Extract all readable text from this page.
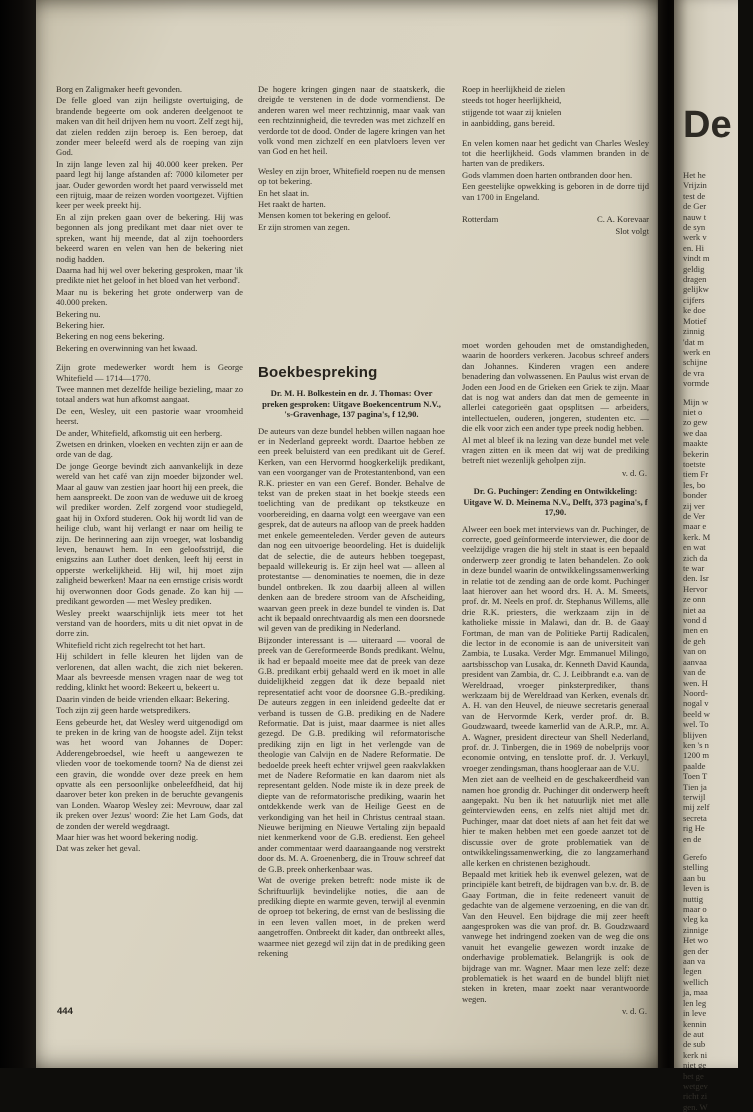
Borg en Zaligmaker heeft gevonden.

De felle gloed van zijn heiligste overtuiging, de brandende begeerte om ook anderen deelgenoot te maken van dit heil drijven hem nu voort. Zelf zegt hij, dat zielen redden zijn beroep is. Een beroep, dat zonder meer beleefd werd als de roeping van zijn God.

In zijn lange leven zal hij 40.000 keer preken. Per paard legt hij lange afstanden af: 7000 kilometer per jaar. Ouder geworden wordt het paard verwisseld met een rijtuig, maar de reizen worden voortgezet. Vijftien keer per week preekt hij.

En al zijn preken gaan over de bekering. Hij was begonnen als jong predikant met daar niet over te spreken, want hij meende, dat al zijn toehoorders bekeerd waren en velen van hen de bekering niet nodig hadden.

Daarna had hij wel over bekering gesproken, maar 'ik predikte niet het geloof in het bloed van het verbond'.

Maar nu is bekering het grote onderwerp van de 40.000 preken.

Bekering nu.

Bekering hier.

Bekering en nog eens bekering.

Bekering en overwinning van het kwaad.

Zijn grote medewerker wordt hem is George Whitefield — 1714—1770.

Twee mannen met dezelfde heilige bezieling, maar zo totaal anders wat hun afkomst aangaat.

De een, Wesley, uit een pastorie waar vroomheid heerst.

De ander, Whitefield, afkomstig uit een herberg.

Zwetsen en drinken, vloeken en vechten zijn er aan de orde van de dag.

De jonge George bevindt zich aanvankelijk in deze wereld van het café van zijn moeder bijzonder wel. Maar al gauw van zestien jaar hoort hij een preek, die hem aanspreekt. De zoon van de weduwe uit de kroeg wil prediker worden. Zelf zorgend voor studiegeld, gaat hij in Oxford studeren. Ook hij wordt lid van de heilige club, want hij verlangt er naar om heilig te zijn. De herinnering aan zijn vroeger, wat losbandig leven, benauwt hem. In een geloofsstrijd, die enigszins aan Luther doet denken, leeft hij eerst in opperste werkelijkheid. Hij wil, hij moet zijn zaligheid bewerken! Maar na een ernstige crisis wordt hij overwonnen door Gods genade. Zo kan hij — predikant geworden — met Wesley prediken.

Wesley preekt waarschijnlijk iets meer tot het verstand van de hoorders, mits u dit niet opvat in de dorre zin.

Whitefield richt zich regelrecht tot het hart.

Hij schildert in felle kleuren het lijden van de verlorenen, dat allen wacht, die zich niet bekeren. Maar als bevreesde mensen vragen naar de weg tot redding, klinkt het woord: Bekeert u, bekeert u.

Daarin vinden de beide vrienden elkaar: Bekering.

Toch zijn zij geen harde wetspredikers.

Eens gebeurde het, dat Wesley werd uitgenodigd om te preken in de kring van de hoogste adel. Zijn tekst was het woord van Johannes de Doper: Adderengebroedsel, wie heeft u aangewezen te vlieden voor de toekomende toorn? Na de dienst zei een gravin, die wondde over deze preek en hem opvatte als een persoonlijke onbeleefdheid, dat hij daarover beter kon preken in de beruchte gevangenis van Londen. Waarop Wesley zei: Mevrouw, daar zal ik preken over Jezus' woord: Zie het Lam Gods, dat de zonden der wereld wegdraagt.

Maar hier was het woord bekering nodig.

Dat was zeker het geval.

De hogere kringen gingen naar de staatskerk, die dreigde te verstenen in de dode vormendienst. De anderen waren wel meer rechtzinnig, maar vaak van een rechtzinnigheid, die tevreden was met zichzelf en verdorde tot de dood. Onder de lagere kringen van het volk vond men zichzelf en een platvloers leven ver van God en het heil.

Wesley en zijn broer, Whitefield roepen nu de mensen op tot bekering.

En het slaat in.

Het raakt de harten.

Mensen komen tot bekering en geloof.

Er zijn stromen van zegen.

Roep in heerlijkheid de zielen

steeds tot hoger heerlijkheid,

stijgende tot waar zij knielen

in aanbidding, gans bereid.

En velen komen naar het gedicht van Charles Wesley tot die heerlijkheid. Gods vlammen branden in de harten van de predikers.

Gods vlammen doen harten ontbranden door hen.

Een geestelijke opwekking is geboren in de dorre tijd van 1700 in Engeland.

Rotterdam	C. A. Korevaar
Slot volgt
Boekbespreking
Dr. M. H. Bolkestein en dr. J. Thomas: Over preken gesproken: Uitgave Boekencentrum N.V., 's-Gravenhage, 137 pagina's, f 12,90.

De auteurs van deze bundel hebben willen nagaan hoe er in Nederland gepreekt wordt. Daartoe hebben ze een preek beluisterd van een predikant uit de Geref. Kerken, van een Hervormd hoogkerkelijk predikant, van een voorganger van de Protestantenbond, van een R.K. priester en van een Geref. Bonder. Behalve de tekst van de preken staat in het boekje steeds een toelichting van de predikant op tekstkeuze en voorbereiding, en daarna volgt een weergave van een gesprek, dat de auteurs na afloop van de preek hadden met enkele gemeenteleden. Verder geven de auteurs dan nog een uitvoerige beoordeling. Het is duidelijk dat de selectie, die de auteurs hebben toegepast, bepaald willekeurig is. Er zijn heel wat — alleen al protestantse — denominaties te noemen, die in deze bundel ontbreken. Ik zou daarbij alleen al willen denken aan de bredere stroom van de Afscheiding, waarvan geen preek in deze bundel te vinden is. Dat acht ik bepaald onrechtvaardig als men een doorsnede wil geven van de prediking in Nederland.

Bijzonder interessant is — uiteraard — vooral de preek van de Gereformeerde Bonds predikant. Welnu, ik had er bepaald moeite mee dat de preek van deze G.B. predikant erbij gehaald werd en ik moet in alle duidelijkheid zeggen dat ik deze bepaald niet representatief acht voor de doorsnee G.B.-prediking. De auteurs zeggen in een inleidend gedeelte dat er verband is tussen de G.B. prediking en de Nadere Reformatie. Dat is juist, maar daarmee is niet alles gezegd. De G.B. prediking wil reformatorische prediking zijn en ligt in het verlengde van de theologie van Calvijn en de Nadere Reformatie. De bedoelde preek heeft echter vrijwel geen raakvlakken met de Nadere Reformatie en kan daarom niet als representant gelden. Node miste ik in deze preek de diepte van de reformatorische prediking, waarin het ontdekkende werk van de Heilige Geest en de verkondiging van het heil in Christus centraal staan. Nieuwe berijming en Nieuwe Vertaling zijn bepaald niet kenmerkend voor de G.B. eredienst. Een geheel ander commentaar werd daaraangaande nog verstrekt door ds. M. A. Groenenberg, die in Trouw schreef dat de G.B. preek onherkenbaar was.

Wat de overige preken betreft: node miste ik de Schriftuurlijk bevindelijke noties, die aan de prediking diepte en warmte geven, terwijl al evenmin de oproep tot bekering, de ernst van de beslissing die in een leven vallen moet, in de preken werd aangetroffen. Ontbreekt dit kader, dan ontbreekt alles, waarmee niet gezegd wil zijn dat in de prediking geen rekening

moet worden gehouden met de omstandigheden, waarin de hoorders verkeren. Jacobus schreef anders dan Johannes. Kinderen vragen een andere benadering dan volwassenen. En Paulus wist ervan de Joden een Jood en de Grieken een Griek te zijn. Maar dat is nog wat anders dan dat men de gemeente in allerlei categorieën gaat opsplitsen — arbeiders, intellectuelen, ouderen, jongeren, studenten etc. — die elk voor zich een ander type preek nodig hebben.

Al met al bleef ik na lezing van deze bundel met vele vragen zitten en ik meen dat wij wat de prediking betreft niet wezenlijk geholpen zijn.

v. d. G.
Dr. G. Puchinger: Zending en Ontwikkeling: Uitgave W. D. Meinema N.V., Delft, 373 pagina's, f 17,90.

Alweer een boek met interviews van dr. Puchinger, de correcte, goed geïnformeerde interviewer, die door de veelzijdige vragen die hij stelt in staat is een bepaald onderwerp zeer grondig te laten behandelen. Zo ook in deze bundel waarin de ontwikkelingssamenwerking in relatie tot de zending aan de orde komt. Puchinger laat hierover aan het woord drs. H. A. M. Smeets, prof. dr. M. Neels en prof. dr. Stephanus Willems, alle drie R.K. priesters, die werkzaam zijn in de katholieke missie in Malawi, dan dr. B. de Gaay Fortman, de man van de Politieke Partij Radicalen, die lector in de economie is aan de universiteit van Zambia, te Lusaka. Verder Mgr. Emmanuel Milingo, aartsbisschop van Lusaka, dr. Kenneth David Kaunda, president van Zambia, dr. C. J. Leibbrandt e.a. van de Wereldraad, vroeger pinksterprediker, thans werkzaam bij de Wereldraad van Kerken, evenals dr. A. H. van den Heuvel, de nieuwe secretaris generaal van de Hervormde Kerk, verder prof. dr. B. Goudzwaard, tweede kamerlid van de A.R.P., mr. A. A. Wagner, president directeur van Shell Nederland, prof. dr. J. Tinbergen, die in 1969 de nobelprijs voor economie ontving, en tenslotte prof. dr. J. Verkuyl, vroeger zendingsman, thans hoogleraar aan de V.U.

Men ziet aan de veelheid en de geschakeerdheid van namen hoe grondig dr. Puchinger dit onderwerp heeft aangepakt. Nu ben ik het natuurlijk niet met alle geïnterviewden eens, en zelfs niet altijd met dr. Puchinger, maar dat doet niets af aan het feit dat we hier te maken hebben met een goede aanzet tot de discussie over de grote problematiek van de ontwikkelingssamenwerking, die zo langzamerhand alle kerken en christenen bezighoudt.

Bepaald met kritiek heb ik evenwel gelezen, wat de principiële kant betreft, de bijdragen van b.v. dr. B. de Gaay Fortman, die in feite redeneert vanuit de gedachte van de algemene verzoening, en die van dr. Van den Heuvel. Een bijdrage die mij zeer heeft aangesproken was die van prof. dr. B. Goudzwaard vanwege het indringend zoeken van de weg die ons vanuit het evangelie gewezen wordt inzake de onderhavige problematiek. Belangrijk is ook de bijdrage van mr. Wagner. Maar men leze zelf: deze problematiek is het waard en de bundel blijft niet steken in kreten, maar zoekt naar verantwoorde wegen.

v. d. G.
444
De

Het he

Vrijzin

test de

de Ger

nauw t

de syn

werk v

en. Hi

vindt m

geldig

dragen

gelijkw

cijfers

ke doe

Motief

zinnig

'dat m

werk en

schijne

de vra

vormde

Mijn w

niet o

zo gew

we daa

maakte

bekerin

toetste

tiem Fr

les, bo

bonder

zij ver

de Ver

maar e

kerk. M

en wat

zich da

te war

den. Isr

Hervor

ze onn

niet aa

vond d

men en

de geh

van on

aanvaa

van de

wen. H

Noord-

nogal v

beeld w

wel. To

blijven

ken 's n

1200 m

paalde

Toen T

Tien ja

terwijl

mij zelf

secreta

rig He

en de

Gerefo

stelling

aan bu

leven is

nuttig

maar o

vleg ka

zinnige

Het wo

gen der

aan va

legen

wellich

ja, maa

len leg

in leve

kennin

de aut

de sub

kerk ni

niet ge

het ge

wetgev

richt zi

gen. W
